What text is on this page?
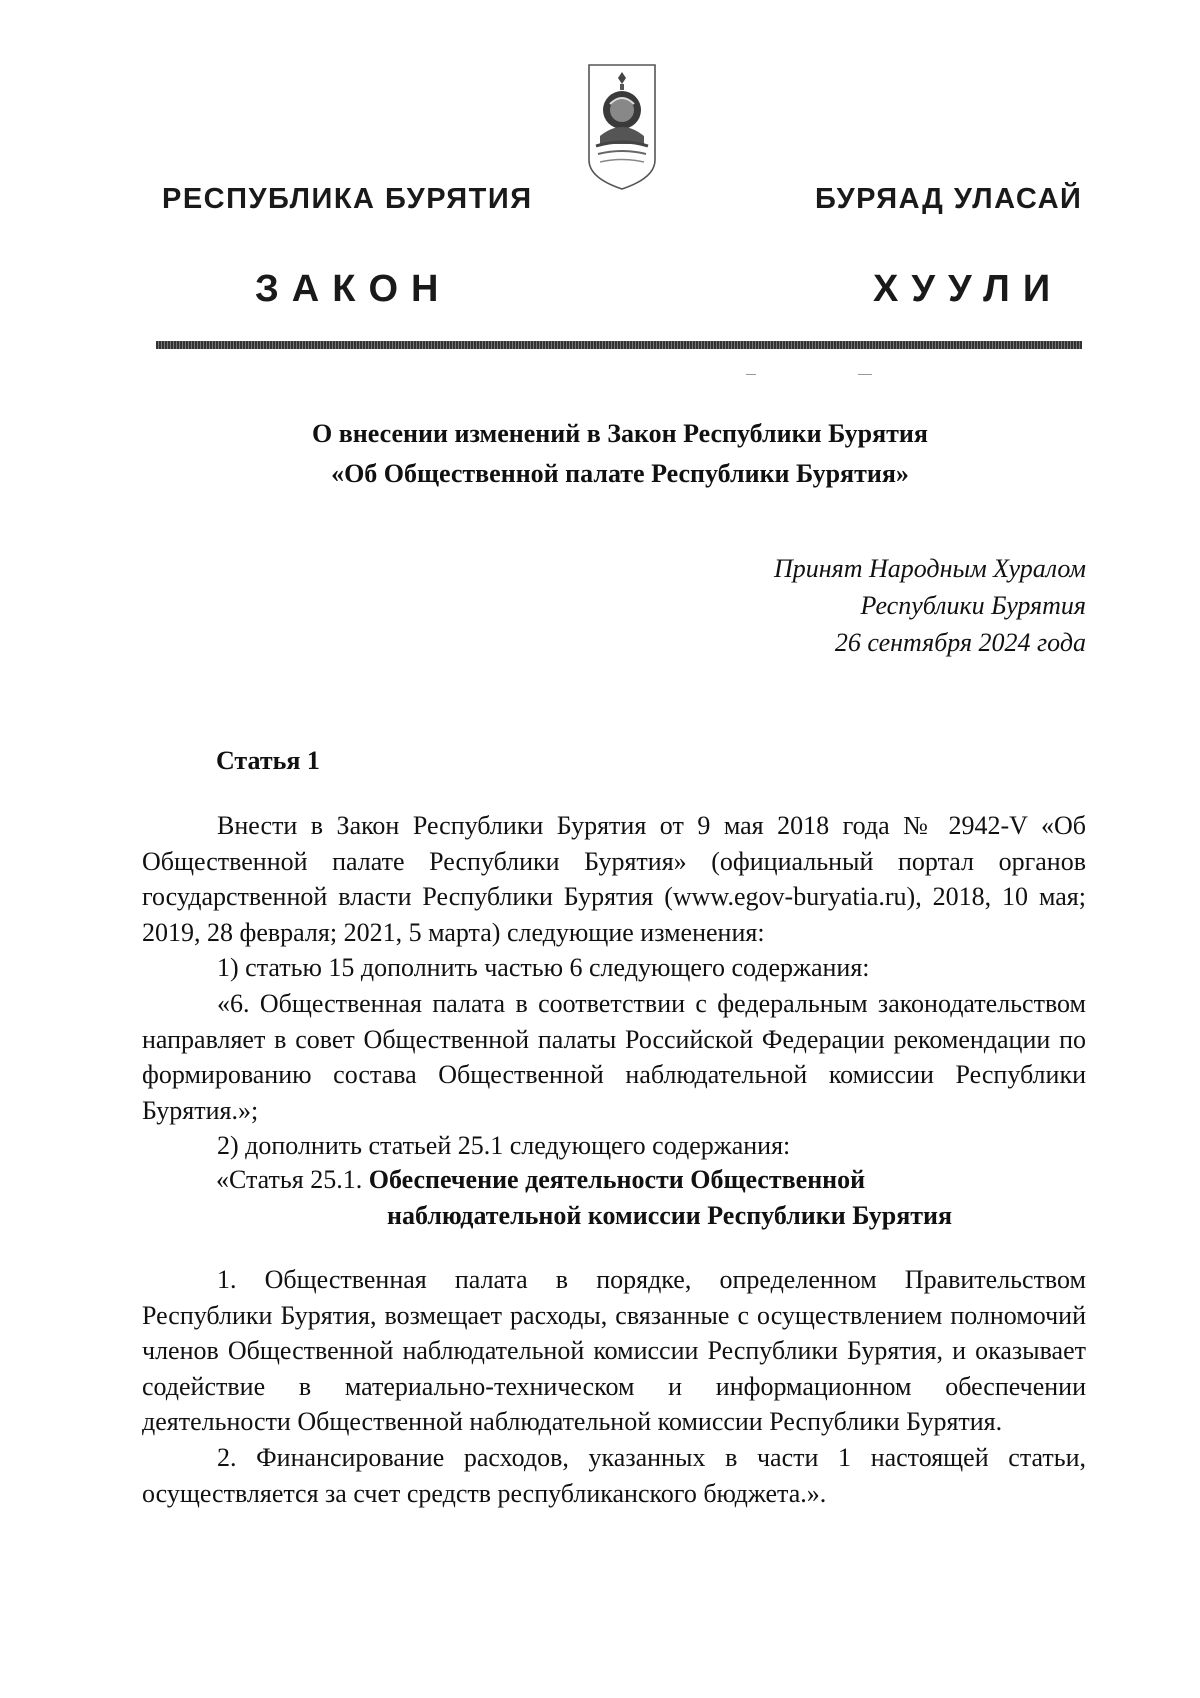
РЕСПУБЛИКА БУРЯТИЯ	БУРЯАД УЛАСАЙ
ЗАКОН	ХУУЛИ
О внесении изменений в Закон Республики Бурятия
«Об Общественной палате Республики Бурятия»
Принят Народным Хуралом
Республики Бурятия
26 сентября 2024 года
Статья 1

Внести в Закон Республики Бурятия от 9 мая 2018 года № 2942-V «Об Общественной палате Республики Бурятия» (официальный портал органов государственной власти Республики Бурятия (www.egov-buryatia.ru), 2018, 10 мая; 2019, 28 февраля; 2021, 5 марта) следующие изменения:

1) статью 15 дополнить частью 6 следующего содержания:

«6. Общественная палата в соответствии с федеральным законодательством направляет в совет Общественной палаты Российской Федерации рекомендации по формированию состава Общественной наблюдательной комиссии Республики Бурятия.»;

2) дополнить статьей 25.1 следующего содержания:

«Статья 25.1. Обеспечение деятельности Общественной
наблюдательной комиссии Республики Бурятия

1. Общественная палата в порядке, определенном Правительством Республики Бурятия, возмещает расходы, связанные с осуществлением полномочий членов Общественной наблюдательной комиссии Республики Бурятия, и оказывает содействие в материально-техническом и информационном обеспечении деятельности Общественной наблюдательной комиссии Республики Бурятия.

2. Финансирование расходов, указанных в части 1 настоящей статьи, осуществляется за счет средств республиканского бюджета.».
